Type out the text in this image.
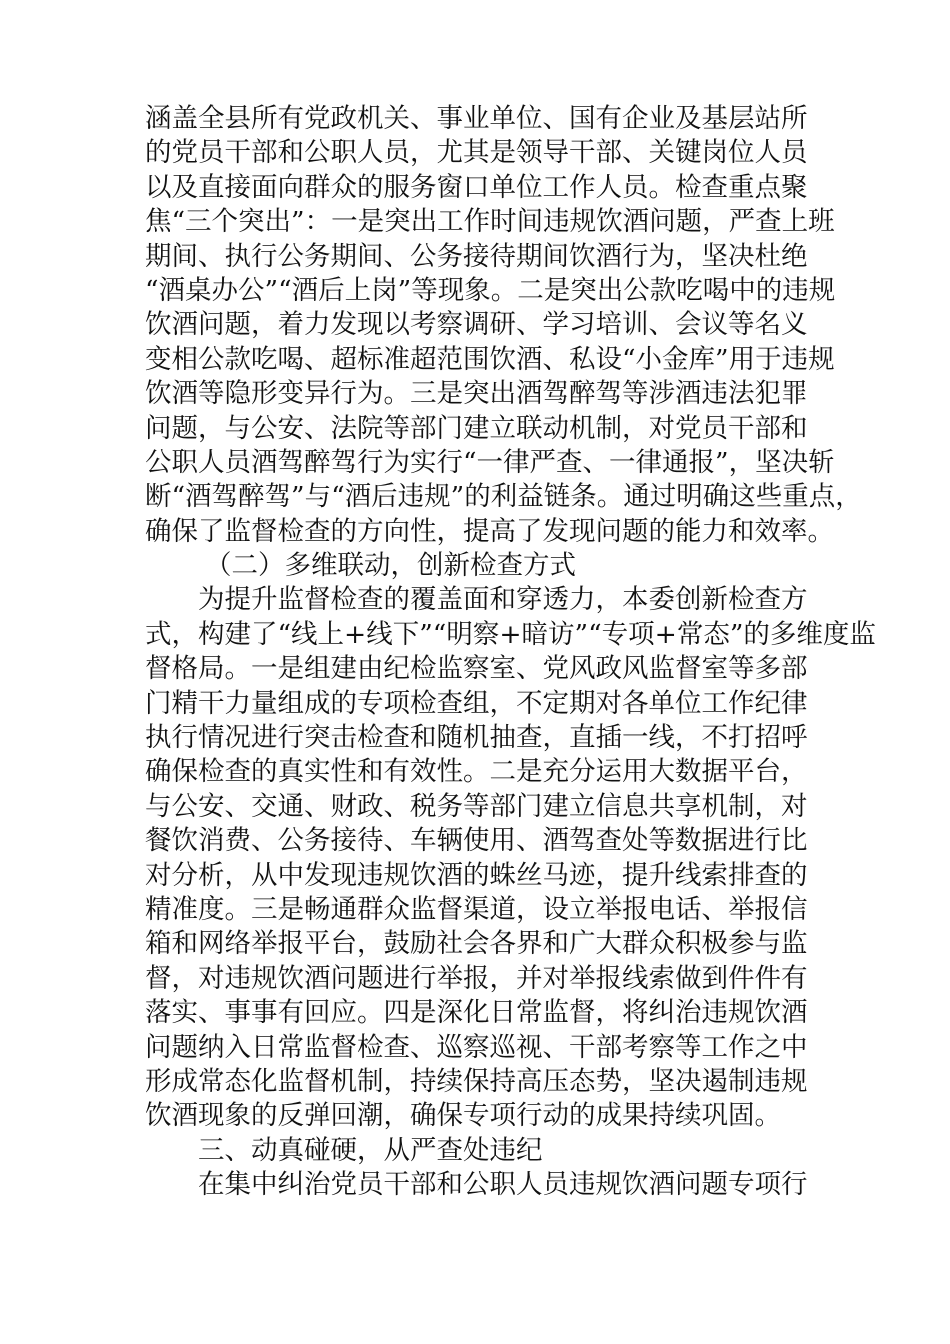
涵盖全县所有党政机关、事业单位、国有企业及基层站所
的党员干部和公职人员，尤其是领导干部、关键岗位人员
以及直接面向群众的服务窗口单位工作人员。检查重点聚
焦“三个突出”：一是突出工作时间违规饮酒问题，严查上班
期间、执行公务期间、公务接待期间饮酒行为，坚决杜绝
“酒桌办公”“酒后上岗”等现象。二是突出公款吃喝中的违规
饮酒问题，着力发现以考察调研、学习培训、会议等名义
变相公款吃喝、超标准超范围饮酒、私设“小金库”用于违规
饮酒等隐形变异行为。三是突出酒驾醉驾等涉酒违法犯罪
问题，与公安、法院等部门建立联动机制，对党员干部和
公职人员酒驾醉驾行为实行“一律严查、一律通报”，坚决斩
断“酒驾醉驾”与“酒后违规”的利益链条。通过明确这些重点，
确保了监督检查的方向性，提高了发现问题的能力和效率。
（二）多维联动，创新检查方式
为提升监督检查的覆盖面和穿透力，本委创新检查方
式，构建了“线上+线下”“明察+暗访”“专项+常态”的多维度监
督格局。一是组建由纪检监察室、党风政风监督室等多部
门精干力量组成的专项检查组，不定期对各单位工作纪律
执行情况进行突击检查和随机抽查，直插一线，不打招呼
确保检查的真实性和有效性。二是充分运用大数据平台，
与公安、交通、财政、税务等部门建立信息共享机制，对
餐饮消费、公务接待、车辆使用、酒驾查处等数据进行比
对分析，从中发现违规饮酒的蛛丝马迹，提升线索排查的
精准度。三是畅通群众监督渠道，设立举报电话、举报信
箱和网络举报平台，鼓励社会各界和广大群众积极参与监
督，对违规饮酒问题进行举报，并对举报线索做到件件有
落实、事事有回应。四是深化日常监督，将纠治违规饮酒
问题纳入日常监督检查、巡察巡视、干部考察等工作之中
形成常态化监督机制，持续保持高压态势，坚决遏制违规
饮酒现象的反弹回潮，确保专项行动的成果持续巩固。
三、动真碰硬，从严查处违纪
在集中纠治党员干部和公职人员违规饮酒问题专项行
